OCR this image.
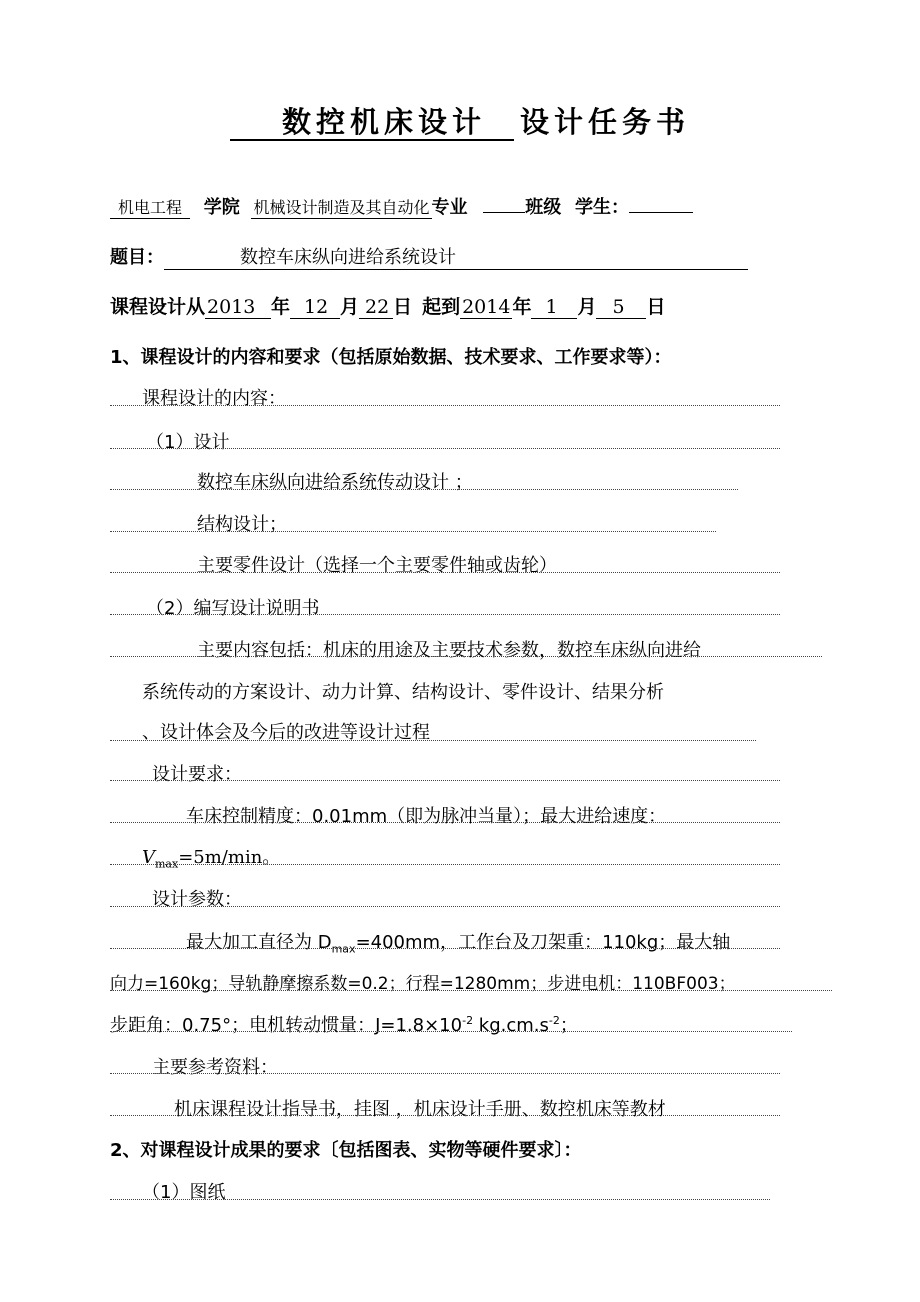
数控机床设计 设计任务书
机电工程 学院 机械设计制造及其自动化 专业	班级 学生：
题目：	数控车床纵向进给系统设计
课程设计从 2013 年 12 月 22 日 起到 2014 年 1 月 5 日
1、课程设计的内容和要求（包括原始数据、技术要求、工作要求等）：
课程设计的内容：
（1）设计
数控车床纵向进给系统传动设计 ；
结构设计；
主要零件设计（选择一个主要零件轴或齿轮）
（2）编写设计说明书
主要内容包括：机床的用途及主要技术参数，数控车床纵向进给
系统传动的方案设计、动力计算、结构设计、零件设计、结果分析
、设计体会及今后的改进等设计过程
设计要求：
车床控制精度：0.01mm（即为脉冲当量）；最大进给速度：
$V_{max}=5m/\min$。
设计参数：
最大加工直径为 $D_{max}=400mm$，工作台及刀架重：110kg；最大轴
向力=160kg；导轨静摩擦系数=0.2；行程=1280mm；步进电机：110BF003；
步距角：0.75°；电机转动惯量：$J=1.8\times 10^{-2}$ $kg.cm.s^{-2}$；
主要参考资料：
机床课程设计指导书，挂图 ，机床设计手册、数控机床等教材
2、对课程设计成果的要求〔包括图表、实物等硬件要求〕：
（1）图纸
